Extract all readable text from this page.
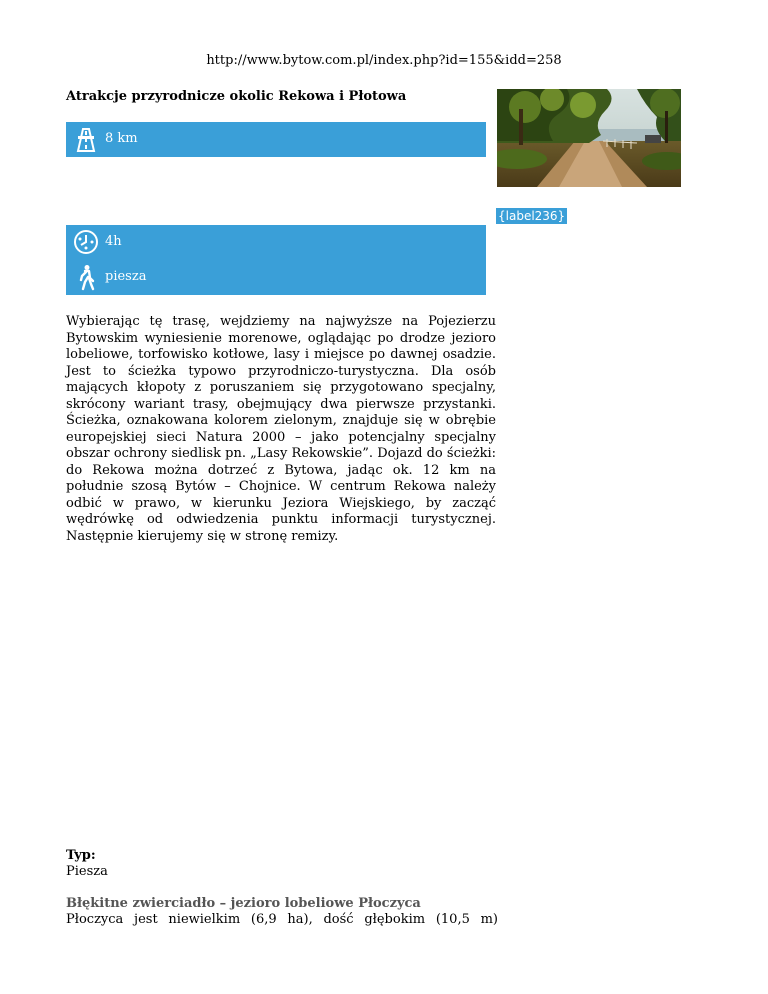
http://www.bytow.com.pl/index.php?id=155&idd=258
Atrakcje przyrodnicze okolic Rekowa i Płotowa
{label236}
8 km
4h
piesza
Wybierając tę trasę, wejdziemy na najwyższe na Pojezierzu Bytowskim wyniesienie morenowe, oglądając po drodze jezioro lobeliowe, torfowisko kotłowe, lasy i miejsce po dawnej osadzie. Jest to ścieżka typowo przyrodniczo-turystyczna. Dla osób mających kłopoty z poruszaniem się przygotowano specjalny, skrócony wariant trasy, obejmujący dwa pierwsze przystanki. Ścieżka, oznakowana kolorem zielonym, znajduje się w obrębie europejskiej sieci Natura 2000 – jako potencjalny specjalny obszar ochrony siedlisk pn. „Lasy Rekowskie”. Dojazd do ścieżki: do Rekowa można dotrzeć z Bytowa, jadąc ok. 12 km na południe szosą Bytów – Chojnice. W centrum Rekowa należy odbić w prawo, w kierunku Jeziora Wiejskiego, by zacząć wędrówkę od odwiedzenia punktu informacji turystycznej. Następnie kierujemy się w stronę remizy.
Typ:
Piesza
Błękitne zwierciadło – jezioro lobeliowe Płoczyca
Płoczyca jest niewielkim (6,9 ha), dość głębokim (10,5 m)
